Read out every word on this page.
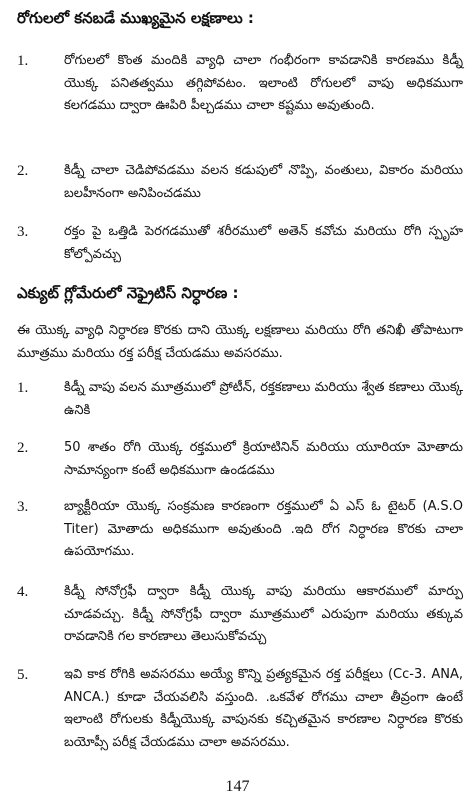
రోగులలో కనబడే ముఖ్యమైన లక్షణాలు :
1.	రోగులలో కొంత మందికి వ్యాధి చాలా గంభీరంగా కావడానికి కారణము కిడ్నీ యొక్క పనితత్వము తగ్గిపోవటం. ఇలాంటి రోగులలో వాపు అధికముగా కలగడము ద్వారా ఊపిరి పీల్చడము చాలా కష్టము అవుతుంది.
2.	కిడ్నీ చాలా చెడిపోవడము వలన కడుపులో నొప్పి, వంతులు, వికారం మరియు బలహీనంగా అనిపించడము
3.	రక్తం పై ఒత్తిడి పెరగడముతో శరీరములో అతెన్ కవోచు మరియు రోగి స్పృహ కోల్పోవచ్చు
ఎక్యుట్ గ్లోమేరులో నెఫ్రైటిస్ నిర్ధారణ :
ఈ యొక్క వ్యాధి నిర్ధారణ కొరకు దాని యొక్క లక్షణాలు మరియు రోగి తనిఖీ తోపాటుగా మూత్రము మరియు రక్త పరీక్ష చేయడము అవసరము.
1.	కిడ్నీ వాపు వలన మూత్రములో ప్రోటీన్, రక్తకణాలు మరియు శ్వేత కణాలు యొక్క ఉనికి
2.	50 శాతం రోగి యొక్క రక్తములో క్రియాటినిన్ మరియు యూరియా మోతాదు సామాన్యంగా కంటే అధికముగా ఉండడము
3.	బ్యాక్టీరియా యొక్క సంక్రమణ కారణంగా రక్తములో ఏ ఎస్ ఓ టైటర్ (A.S.O Titer) మోతాదు అధికముగా అవుతుంది .ఇది రోగ నిర్ధారణ కొరకు చాలా ఉపయోగము.
4.	కిడ్నీ సోనోగ్రఫీ ద్వారా కిడ్నీ యొక్క వాపు మరియు ఆకారములో మార్పు చూడవచ్చు. కిడ్నీ సోనోగ్రఫీ ద్వారా మూత్రములో ఎరుపుగా మరియు తక్కువ రావడానికి గల కారణాలు తెలుసుకోవచ్చు
5.	ఇవి కాక రోగికి అవసరము అయ్యే కొన్ని ప్రత్యకమైన రక్త పరీక్షలు (Cc-3. ANA, ANCA.) కూడా చేయవలిసి వస్తుంది. .ఒకవేళ రోగము చాలా తీవ్రంగా ఉంటే ఇలాంటి రోగులకు కిడ్నీయొక్క వాపునకు కచ్చితమైన కారణాల నిర్ధారణ కొరకు బయోప్సీ పరీక్ష చేయడము చాలా అవసరము.
147
